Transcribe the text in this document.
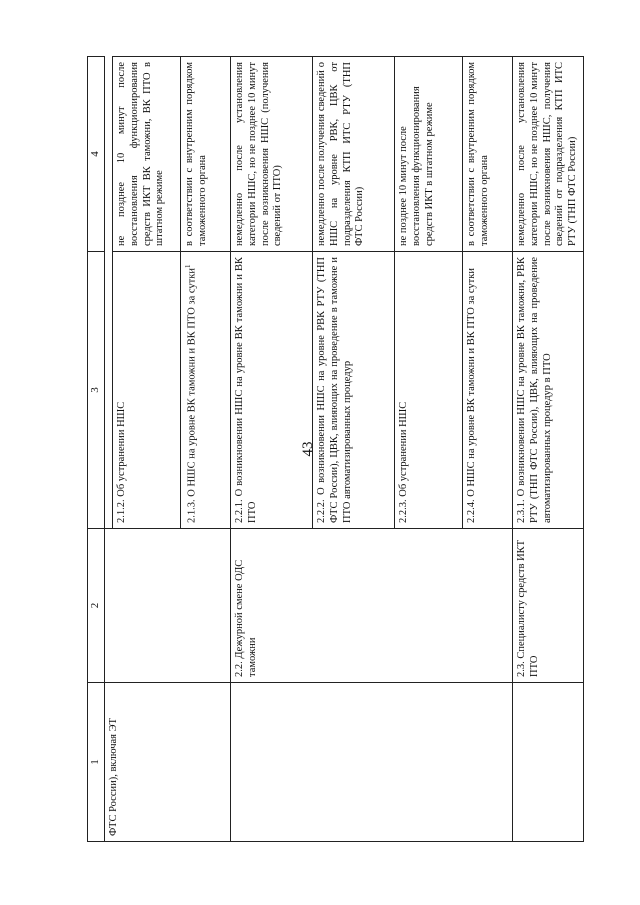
43
1	2	3	4
ФТС России), включая ЭТ			
		2.1.2. Об устранении НШС	не позднее 10 минут после восстановления функционирования средств ИКТ ВК таможни, ВК ПТО в штатном режиме
		2.1.3. О НШС на уровне ВК таможни и ВК ПТО за сутки$^1$	в соответствии с внутренним порядком таможенного органа
	2.2. Дежурной смене ОДС таможни	2.2.1. О возникновении НШС на уровне ВК таможни и ВК ПТО	немедленно после установления категории НШС, но не позднее 10 минут после возникновения НШС (получения сведений от ПТО)
		2.2.2. О возникновении НШС на уровне РВК РТУ (ТНП ФТС России), ЦВК, влияющих на проведение в таможне и ПТО автоматизированных процедур	немедленно после получения сведений о НШС на уровне РВК, ЦВК от подразделения КТП ИТС РТУ (ТНП ФТС России)
		2.2.3. Об устранении НШС	не позднее 10 минут после восстановления функционирования средств ИКТ в штатном режиме
		2.2.4. О НШС на уровне ВК таможни и ВК ПТО за сутки	в соответствии с внутренним порядком таможенного органа
	2.3. Специалисту средств ИКТ ПТО	2.3.1. О возникновении НШС на уровне ВК таможни, РВК РТУ (ТНП ФТС России), ЦВК, влияющих на проведение автоматизированных процедур в ПТО	немедленно после установления категории НШС, но не позднее 10 минут после возникновения НШС, получения сведений от подразделения КТП ИТС РТУ (ТНП ФТС России)
